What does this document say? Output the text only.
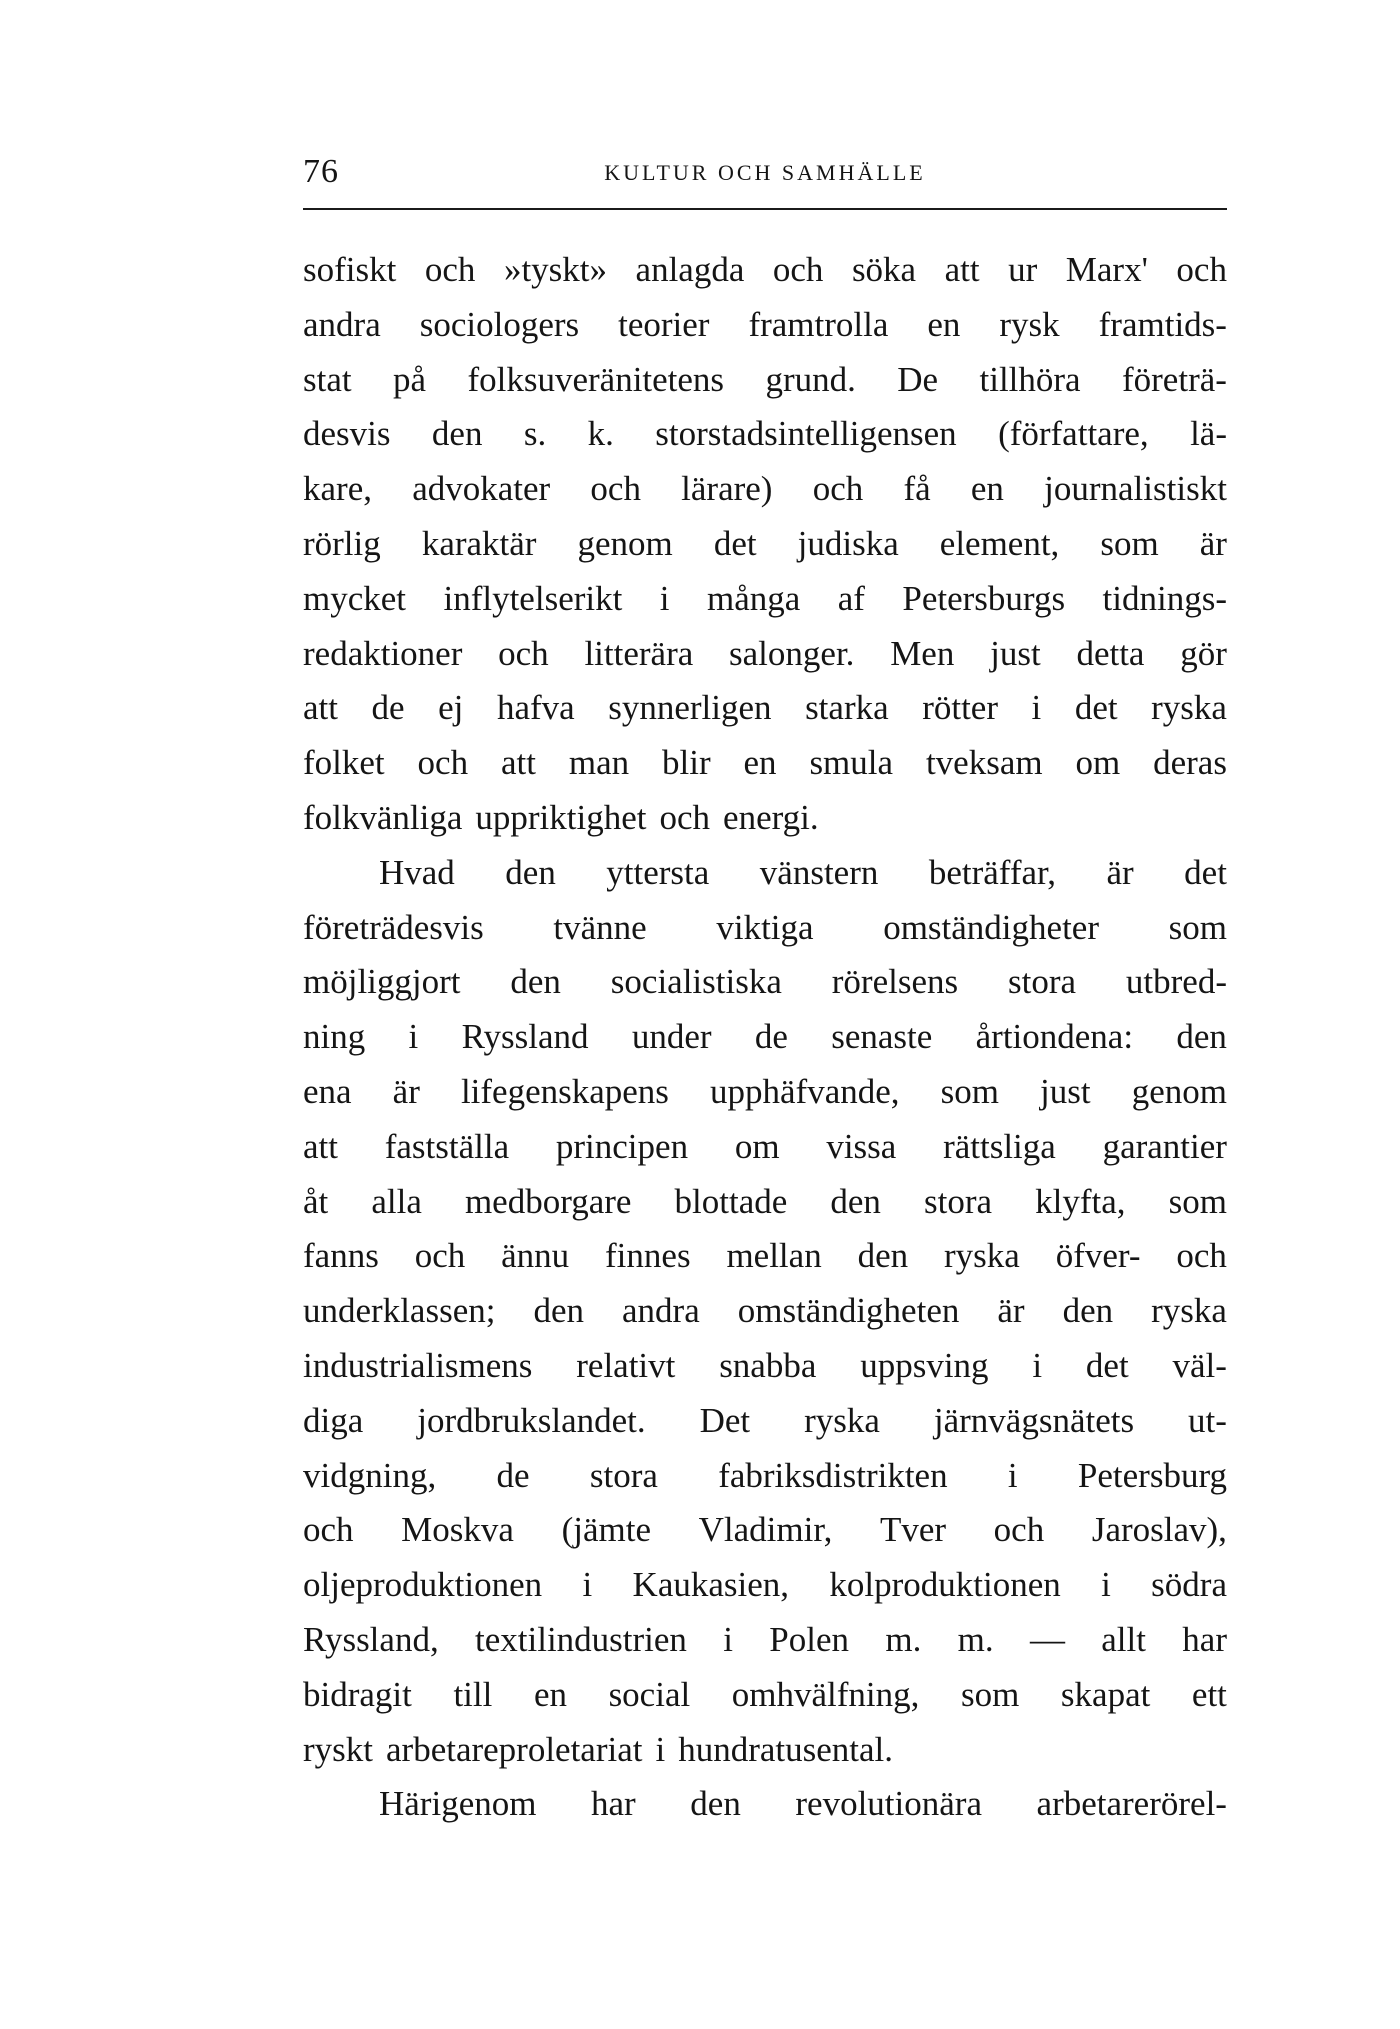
76	KULTUR OCH SAMHÄLLE
sofiskt och »tyskt» anlagda och söka att ur Marx' och
andra sociologers teorier framtrolla en rysk framtids-
stat på folksuveränitetens grund. De tillhöra företrä-
desvis den s. k. storstadsintelligensen (författare, lä-
kare, advokater och lärare) och få en journalistiskt
rörlig karaktär genom det judiska element, som är
mycket inflytelserikt i många af Petersburgs tidnings-
redaktioner och litterära salonger. Men just detta gör
att de ej hafva synnerligen starka rötter i det ryska
folket och att man blir en smula tveksam om deras
folkvänliga uppriktighet och energi.
Hvad den yttersta vänstern beträffar, är det
företrädesvis tvänne viktiga omständigheter som
möjliggjort den socialistiska rörelsens stora utbred-
ning i Ryssland under de senaste årtiondena: den
ena är lifegenskapens upphäfvande, som just genom
att fastställa principen om vissa rättsliga garantier
åt alla medborgare blottade den stora klyfta, som
fanns och ännu finnes mellan den ryska öfver- och
underklassen; den andra omständigheten är den ryska
industrialismens relativt snabba uppsving i det väl-
diga jordbrukslandet. Det ryska järnvägsnätets ut-
vidgning, de stora fabriksdistrikten i Petersburg
och Moskva (jämte Vladimir, Tver och Jaroslav),
oljeproduktionen i Kaukasien, kolproduktionen i södra
Ryssland, textilindustrien i Polen m. m. — allt har
bidragit till en social omhvälfning, som skapat ett
ryskt arbetareproletariat i hundratusental.
Härigenom har den revolutionära arbetarerörel-
